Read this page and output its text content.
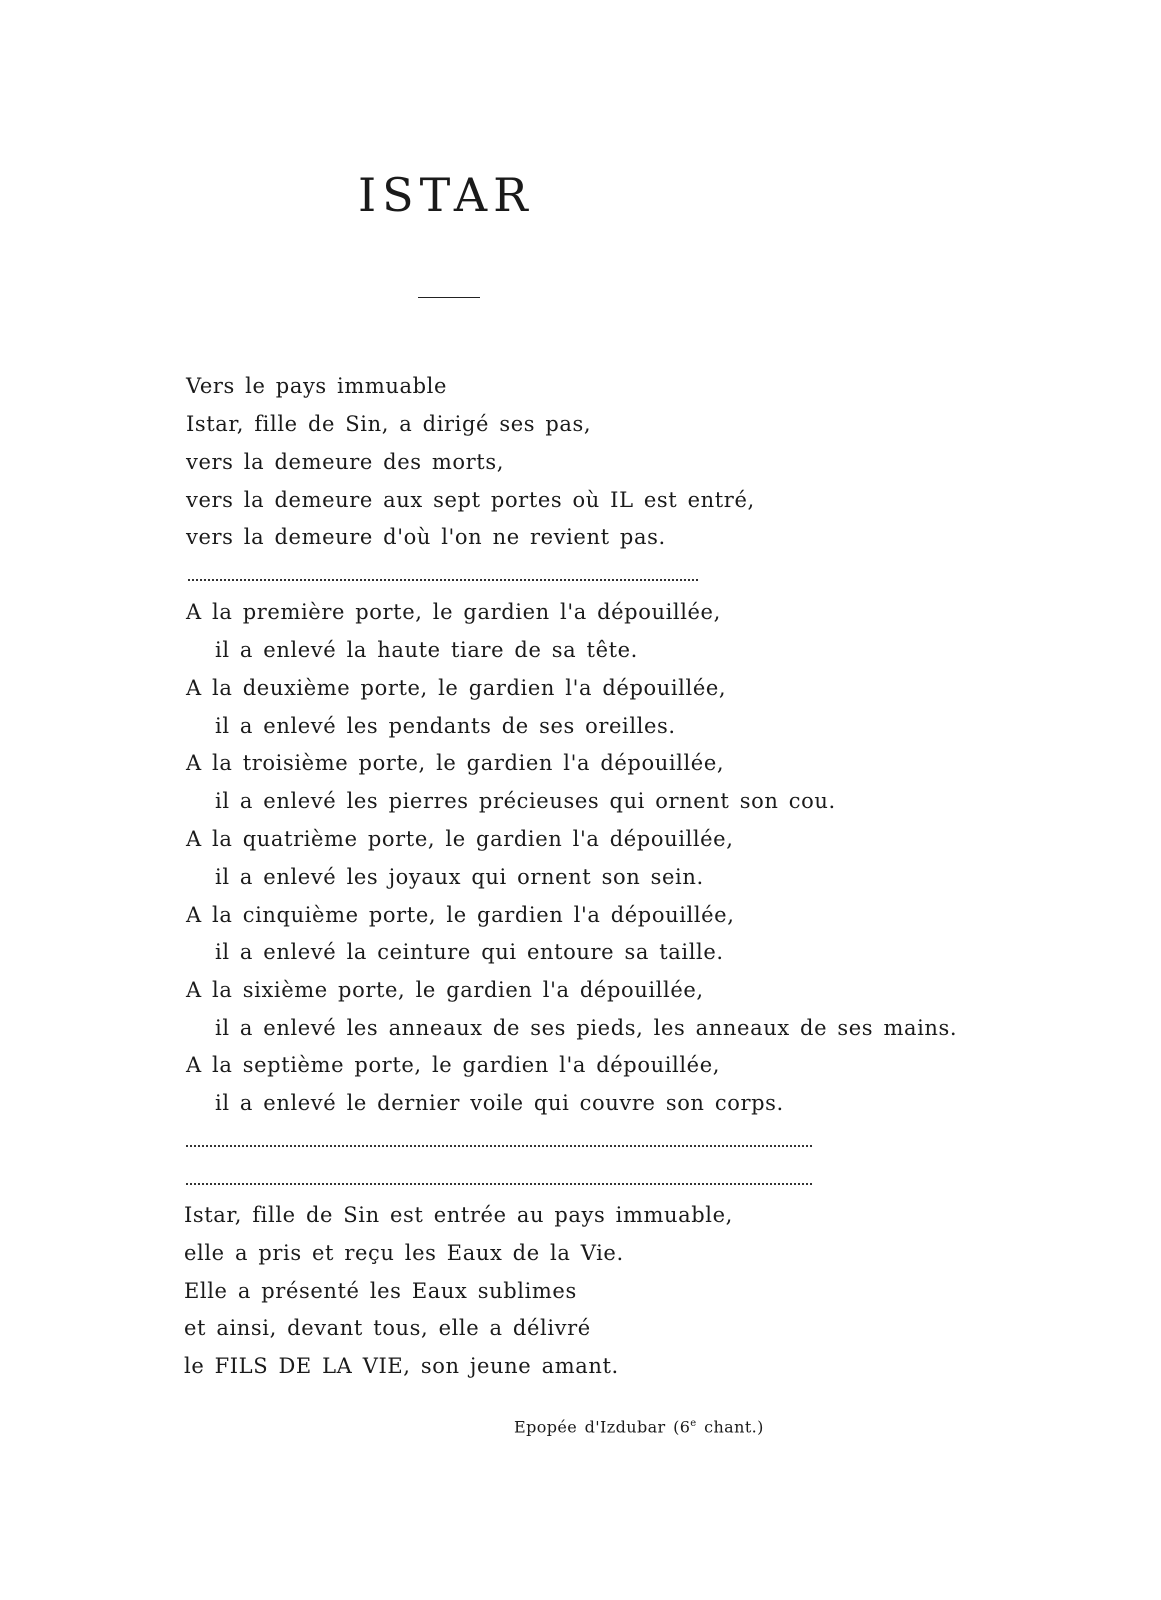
ISTAR
Vers le pays immuable
Istar, fille de Sin, a dirigé ses pas,
vers la demeure des morts,
vers la demeure aux sept portes où IL est entré,
vers la demeure d'où l'on ne revient pas.
A la première porte, le gardien l'a dépouillée,
il a enlevé la haute tiare de sa tête.
A la deuxième porte, le gardien l'a dépouillée,
il a enlevé les pendants de ses oreilles.
A la troisième porte, le gardien l'a dépouillée,
il a enlevé les pierres précieuses qui ornent son cou.
A la quatrième porte, le gardien l'a dépouillée,
il a enlevé les joyaux qui ornent son sein.
A la cinquième porte, le gardien l'a dépouillée,
il a enlevé la ceinture qui entoure sa taille.
A la sixième porte, le gardien l'a dépouillée,
il a enlevé les anneaux de ses pieds, les anneaux de ses mains.
A la septième porte, le gardien l'a dépouillée,
il a enlevé le dernier voile qui couvre son corps.
Istar, fille de Sin est entrée au pays immuable,
elle a pris et reçu les Eaux de la Vie.
Elle a présenté les Eaux sublimes
et ainsi, devant tous, elle a délivré
le FILS DE LA VIE, son jeune amant.
Epopée d'Izdubar (6e chant.)
